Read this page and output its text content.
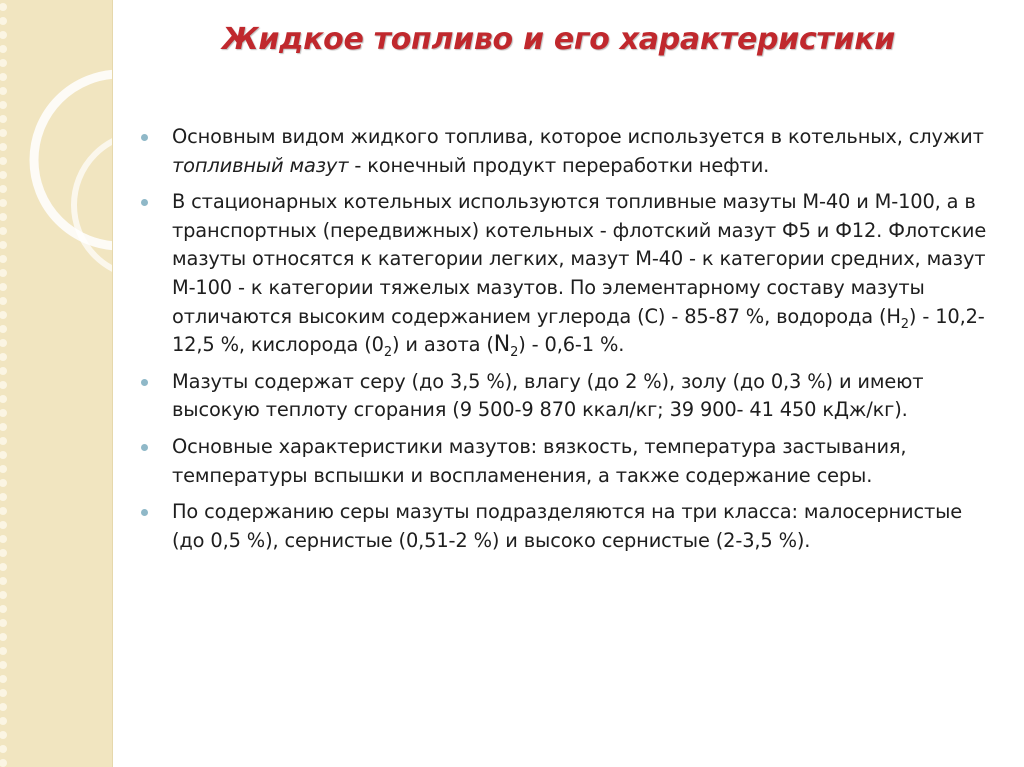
Жидкое топливо и его характеристики
Основным видом жидкого топлива, которое используется в котельных, служит топливный мазут - конечный продукт переработки нефти.
В стационарных котельных используются топливные мазуты М-40 и М-100, а в транспортных (передвижных) котельных - флотский мазут Ф5 и Ф12. Флотские мазуты относятся к категории легких, мазут М-40 - к категории средних, мазут М-100 - к категории тяжелых мазутов. По элементарному составу мазуты отличаются высоким содержанием углерода (С) - 85-87 %, водорода $(Н_2) - 10,2-12,5$ %, кислорода $(0_2)$ и азота $(N_2) - 0,6-1$ %.
Мазуты содержат серу (до 3,5 %), влагу (до 2 %), золу (до 0,3 %) и имеют высокую теплоту сгорания (9 500-9 870 ккал/кг; 39 900- 41 450 кДж/кг).
Основные характеристики мазутов: вязкость, температура застывания, температуры вспышки и воспламенения, а также содержание серы.
По содержанию серы мазуты подразделяются на три класса: малосернистые (до 0,5 %), сернистые (0,51-2 %) и высоко сернистые (2-3,5 %).
